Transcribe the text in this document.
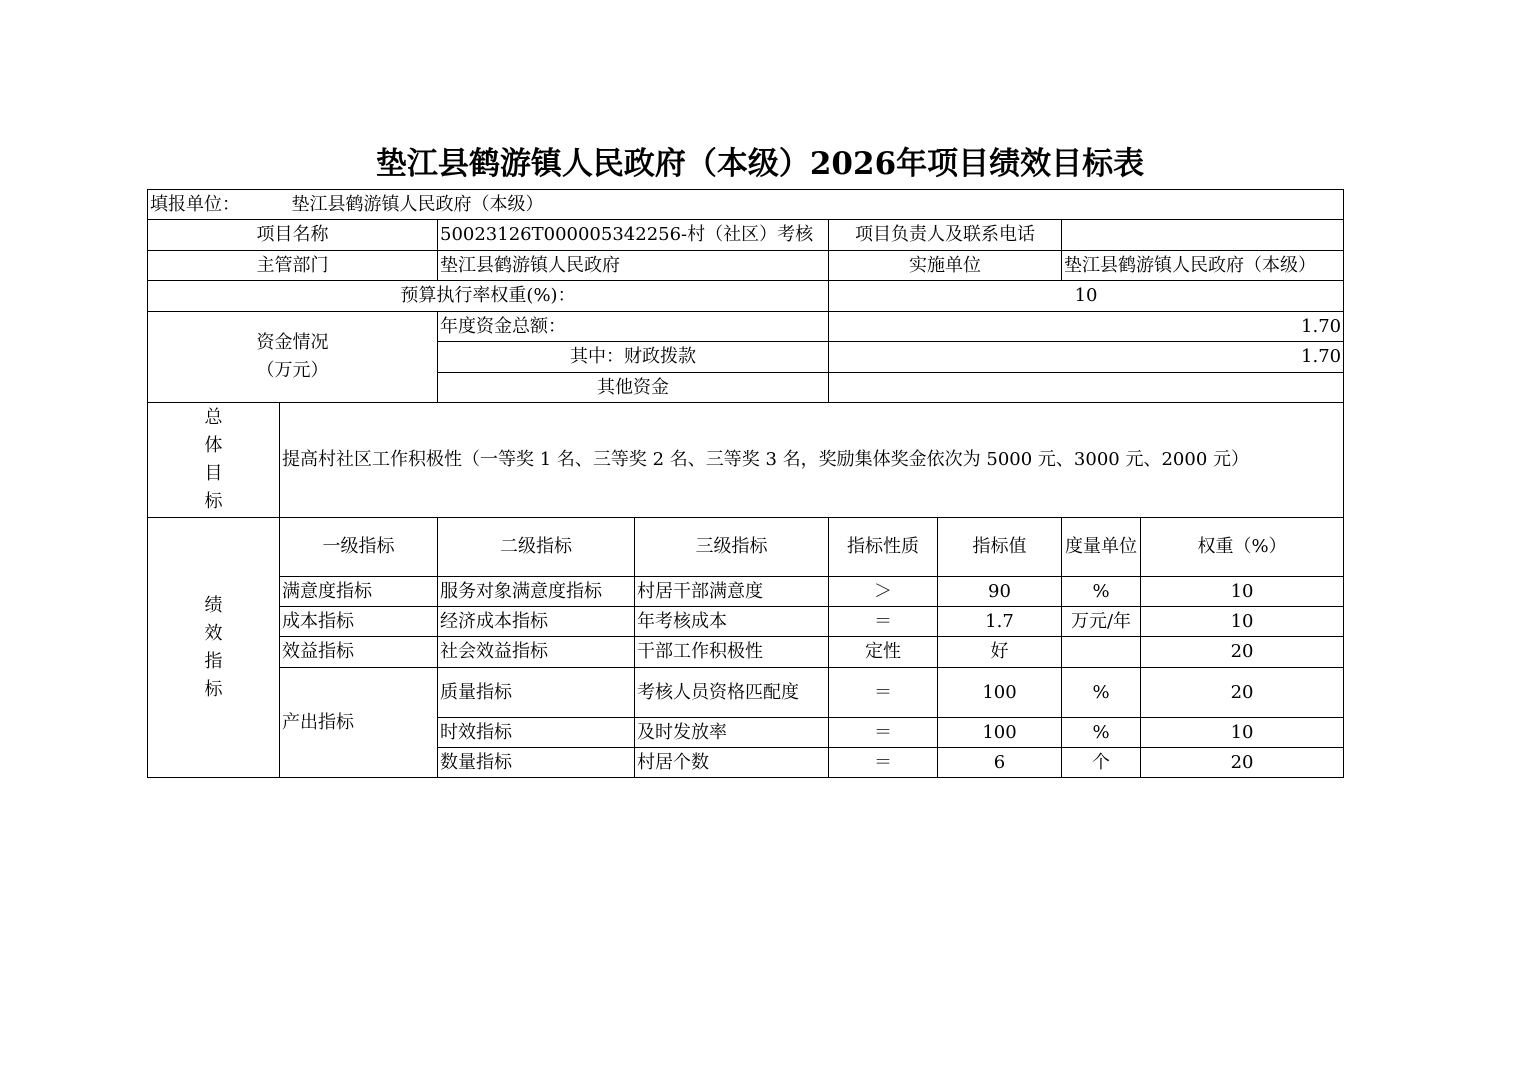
垫江县鹤游镇人民政府（本级）2026年项目绩效目标表
填报单位： 垫江县鹤游镇人民政府（本级）							
项目名称		50023126T000005342256-村（社区）考核		项目负责人及联系电话			
主管部门		垫江县鹤游镇人民政府		实施单位		垫江县鹤游镇人民政府（本级）	
预算执行率权重(%)：				10			

资金情况
（万元）		年度资金总额：		1.70			
		其中：财政拨款		1.70			
		其他资金					

总
体
目
标	提高村社区工作积极性（一等奖 1 名、三等奖 2 名、三等奖 3 名，奖励集体奖金依次为 5000 元、3000 元、2000 元）						

绩
效
指
标	一级指标	二级指标	三级指标	指标性质	指标值	度量单位	权重（%）
	满意度指标	服务对象满意度指标	村居干部满意度	＞	90	%	10
	成本指标	经济成本指标	年考核成本	＝	1.7	万元/年	10
	效益指标	社会效益指标	干部工作积极性	定性	好		20
	产出指标	质量指标	考核人员资格匹配度	＝	100	%	20
		时效指标	及时发放率	＝	100	%	10
		数量指标	村居个数	＝	6	个	20
